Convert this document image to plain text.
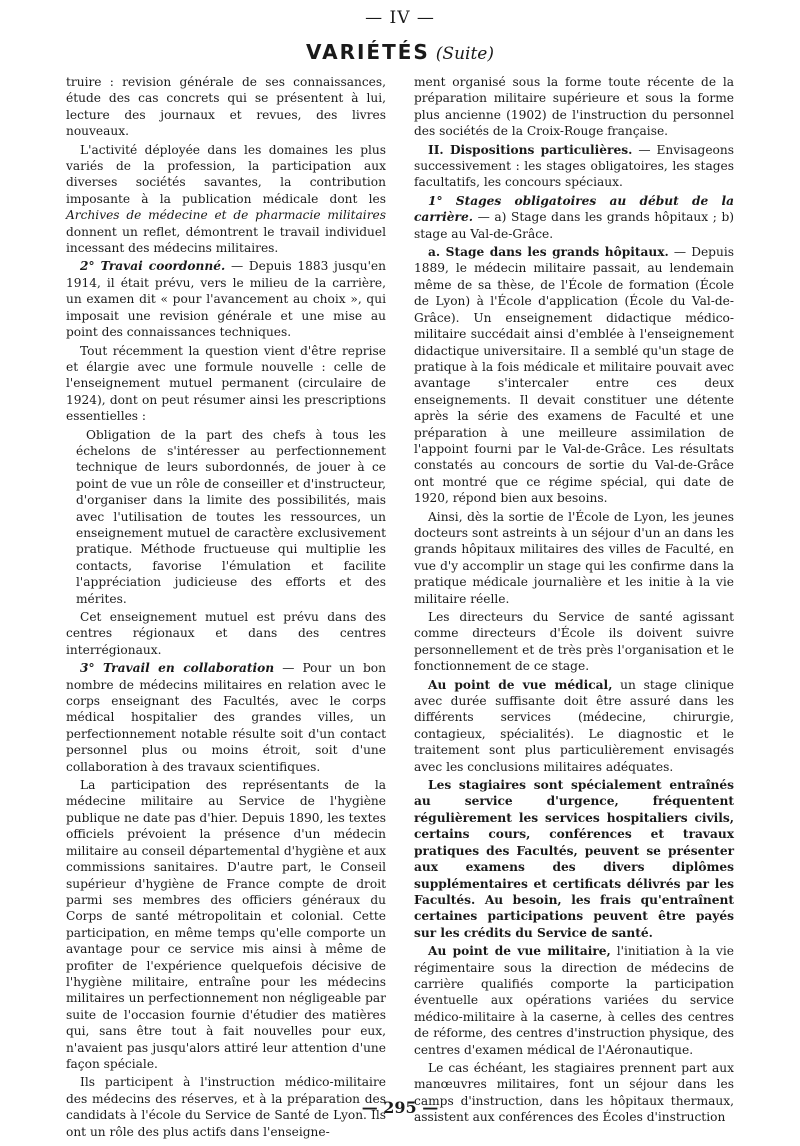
— IV —
VARIÉTÉS (Suite)

truire : revision générale de ses connaissances, étude des cas concrets qui se présentent à lui, lecture des journaux et revues, des livres nouveaux.

L'activité déployée dans les domaines les plus variés de la profession, la participation aux diverses sociétés savantes, la contribution imposante à la publication médicale dont les Archives de médecine et de pharmacie militaires donnent un reflet, démontrent le travail individuel incessant des médecins militaires.

2° Travai coordonné. — Depuis 1883 jusqu'en 1914, il était prévu, vers le milieu de la carrière, un examen dit « pour l'avancement au choix », qui imposait une revision générale et une mise au point des connaissances techniques.

Tout récemment la question vient d'être reprise et élargie avec une formule nouvelle : celle de l'enseignement mutuel permanent (circulaire de 1924), dont on peut résumer ainsi les prescriptions essentielles :

Obligation de la part des chefs à tous les échelons de s'intéresser au perfectionnement technique de leurs subordonnés, de jouer à ce point de vue un rôle de conseiller et d'instructeur, d'organiser dans la limite des possibilités, mais avec l'utilisation de toutes les ressources, un enseignement mutuel de caractère exclusivement pratique. Méthode fructueuse qui multiplie les contacts, favorise l'émulation et facilite l'appréciation judicieuse des efforts et des mérites.

Cet enseignement mutuel est prévu dans des centres régionaux et dans des centres interrégionaux.

3° Travail en collaboration — Pour un bon nombre de médecins militaires en relation avec le corps enseignant des Facultés, avec le corps médical hospitalier des grandes villes, un perfectionnement notable résulte soit d'un contact personnel plus ou moins étroit, soit d'une collaboration à des travaux scientifiques.

La participation des représentants de la médecine militaire au Service de l'hygiène publique ne date pas d'hier. Depuis 1890, les textes officiels prévoient la présence d'un médecin militaire au conseil départemental d'hygiène et aux commissions sanitaires. D'autre part, le Conseil supérieur d'hygiène de France compte de droit parmi ses membres des officiers généraux du Corps de santé métropolitain et colonial. Cette participation, en même temps qu'elle comporte un avantage pour ce service mis ainsi à même de profiter de l'expérience quelquefois décisive de l'hygiène militaire, entraîne pour les médecins militaires un perfectionnement non négligeable par suite de l'occasion fournie d'étudier des matières qui, sans être tout à fait nouvelles pour eux, n'avaient pas jusqu'alors attiré leur attention d'une façon spéciale.

Ils participent à l'instruction médico-militaire des médecins des réserves, et à la préparation des candidats à l'école du Service de Santé de Lyon. Ils ont un rôle des plus actifs dans l'enseigne-

ment organisé sous la forme toute récente de la préparation militaire supérieure et sous la forme plus ancienne (1902) de l'instruction du personnel des sociétés de la Croix-Rouge française.

II. Dispositions particulières. — Envisageons successivement : les stages obligatoires, les stages facultatifs, les concours spéciaux.

1° Stages obligatoires au début de la carrière. — a) Stage dans les grands hôpitaux ; b) stage au Val-de-Grâce.

a. Stage dans les grands hôpitaux. — Depuis 1889, le médecin militaire passait, au lendemain même de sa thèse, de l'École de formation (École de Lyon) à l'École d'application (École du Val-de-Grâce). Un enseignement didactique médico-militaire succédait ainsi d'emblée à l'enseignement didactique universitaire. Il a semblé qu'un stage de pratique à la fois médicale et militaire pouvait avec avantage s'intercaler entre ces deux enseignements. Il devait constituer une détente après la série des examens de Faculté et une préparation à une meilleure assimilation de l'appoint fourni par le Val-de-Grâce. Les résultats constatés au concours de sortie du Val-de-Grâce ont montré que ce régime spécial, qui date de 1920, répond bien aux besoins.

Ainsi, dès la sortie de l'École de Lyon, les jeunes docteurs sont astreints à un séjour d'un an dans les grands hôpitaux militaires des villes de Faculté, en vue d'y accomplir un stage qui les confirme dans la pratique médicale journalière et les initie à la vie militaire réelle.

Les directeurs du Service de santé agissant comme directeurs d'École ils doivent suivre personnellement et de très près l'organisation et le fonctionnement de ce stage.

Au point de vue médical, un stage clinique avec durée suffisante doit être assuré dans les différents services (médecine, chirurgie, contagieux, spécialités). Le diagnostic et le traitement sont plus particulièrement envisagés avec les conclusions militaires adéquates.

Les stagiaires sont spécialement entraînés au service d'urgence, fréquentent régulièrement les services hospitaliers civils, certains cours, conférences et travaux pratiques des Facultés, peuvent se présenter aux examens des divers diplômes supplémentaires et certificats délivrés par les Facultés. Au besoin, les frais qu'entraînent certaines participations peuvent être payés sur les crédits du Service de santé.

Au point de vue militaire, l'initiation à la vie régimentaire sous la direction de médecins de carrière qualifiés comporte la participation éventuelle aux opérations variées du service médico-militaire à la caserne, à celles des centres de réforme, des centres d'instruction physique, des centres d'examen médical de l'Aéronautique.

Le cas échéant, les stagiaires prennent part aux manœuvres militaires, font un séjour dans les camps d'instruction, dans les hôpitaux thermaux, assistent aux conférences des Écoles d'instruction

— 295 —
